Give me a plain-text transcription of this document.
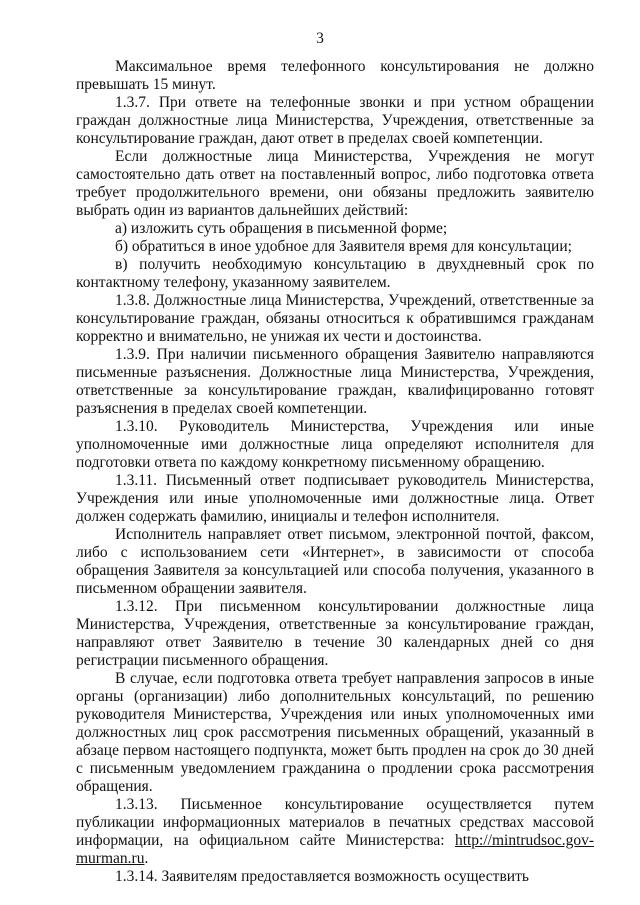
3

Максимальное время телефонного консультирования не должно превышать 15 минут.

1.3.7. При ответе на телефонные звонки и при устном обращении граждан должностные лица Министерства, Учреждения, ответственные за консультирование граждан, дают ответ в пределах своей компетенции.

Если должностные лица Министерства, Учреждения не могут самостоятельно дать ответ на поставленный вопрос, либо подготовка ответа требует продолжительного времени, они обязаны предложить заявителю выбрать один из вариантов дальнейших действий:

а) изложить суть обращения в письменной форме;

б) обратиться в иное удобное для Заявителя время для консультации;

в) получить необходимую консультацию в двухдневный срок по контактному телефону, указанному заявителем.

1.3.8. Должностные лица Министерства, Учреждений, ответственные за консультирование граждан, обязаны относиться к обратившимся гражданам корректно и внимательно, не унижая их чести и достоинства.

1.3.9. При наличии письменного обращения Заявителю направляются письменные разъяснения. Должностные лица Министерства, Учреждения, ответственные за консультирование граждан, квалифицированно готовят разъяснения в пределах своей компетенции.

1.3.10. Руководитель Министерства, Учреждения или иные уполномоченные ими должностные лица определяют исполнителя для подготовки ответа по каждому конкретному письменному обращению.

1.3.11. Письменный ответ подписывает руководитель Министерства, Учреждения или иные уполномоченные ими должностные лица. Ответ должен содержать фамилию, инициалы и телефон исполнителя.

Исполнитель направляет ответ письмом, электронной почтой, факсом, либо с использованием сети «Интернет», в зависимости от способа обращения Заявителя за консультацией или способа получения, указанного в письменном обращении заявителя.

1.3.12. При письменном консультировании должностные лица Министерства, Учреждения, ответственные за консультирование граждан, направляют ответ Заявителю в течение 30 календарных дней со дня регистрации письменного обращения.

В случае, если подготовка ответа требует направления запросов в иные органы (организации) либо дополнительных консультаций, по решению руководителя Министерства, Учреждения или иных уполномоченных ими должностных лиц срок рассмотрения письменных обращений, указанный в абзаце первом настоящего подпункта, может быть продлен на срок до 30 дней с письменным уведомлением гражданина о продлении срока рассмотрения обращения.

1.3.13. Письменное консультирование осуществляется путем публикации информационных материалов в печатных средствах массовой информации, на официальном сайте Министерства: http://mintrudsoc.gov-murman.ru.

1.3.14. Заявителям предоставляется возможность осуществить
